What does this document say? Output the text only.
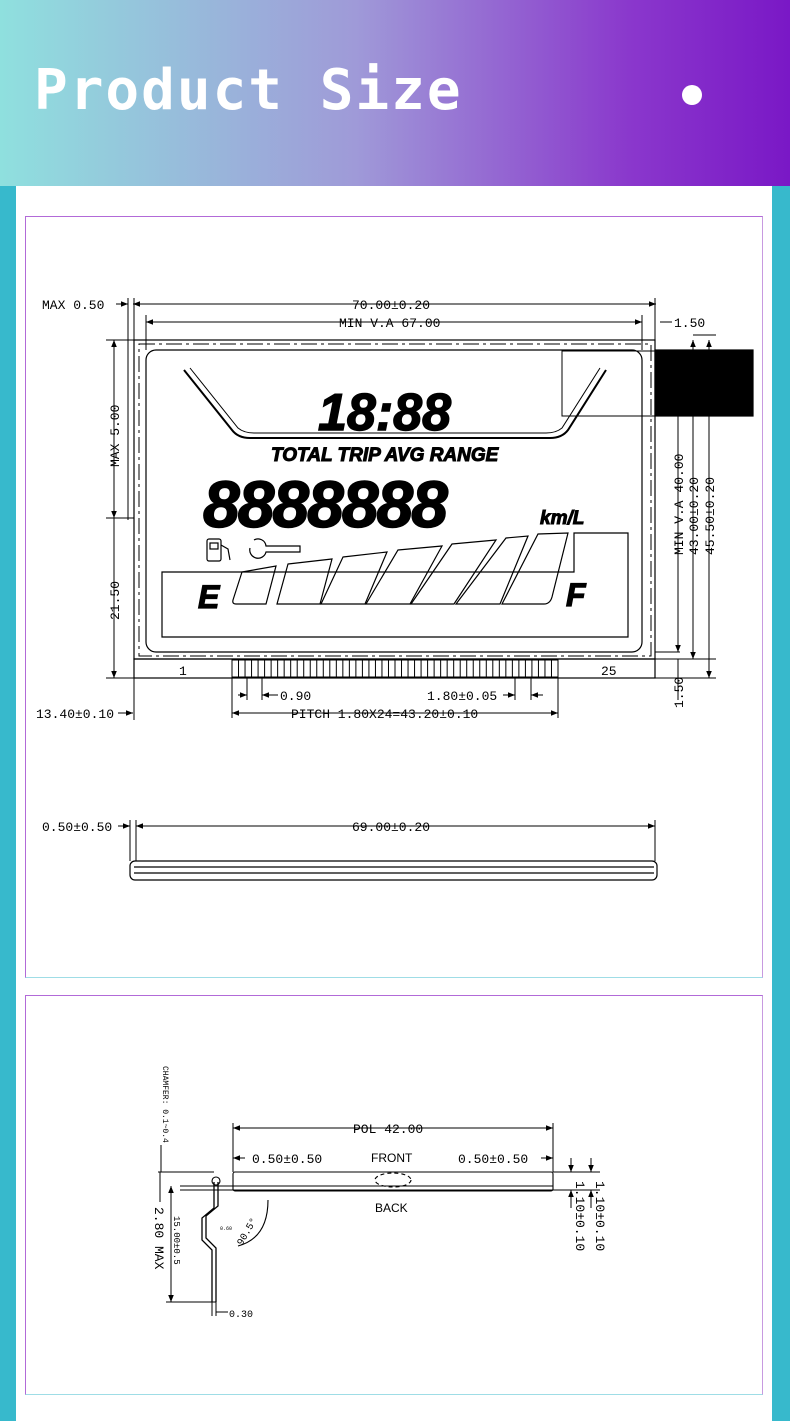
Product Size
18:88
TOTAL TRIP AVG RANGE
8888888	km/L
E	F
MAX 0.50	70.00±0.20
MIN V.A 67.00	1.50
MAX 5.00
21.50
13.40±0.10
0.90	1.80±0.05
PITCH 1.80X24=43.20±0.10
MIN V.A 40.00 43.00±0.20 45.50±0.20
1.50
1	25
0.50±0.50	69.00±0.20
CHAMFER: 0.1~0.4	POL 42.00
0.50±0.50	FRONT	0.50±0.50
BACK
2.80 MAX 15.00±0.5	90.5°
0.60
0.30
1.10±0.10 1.10±0.10
